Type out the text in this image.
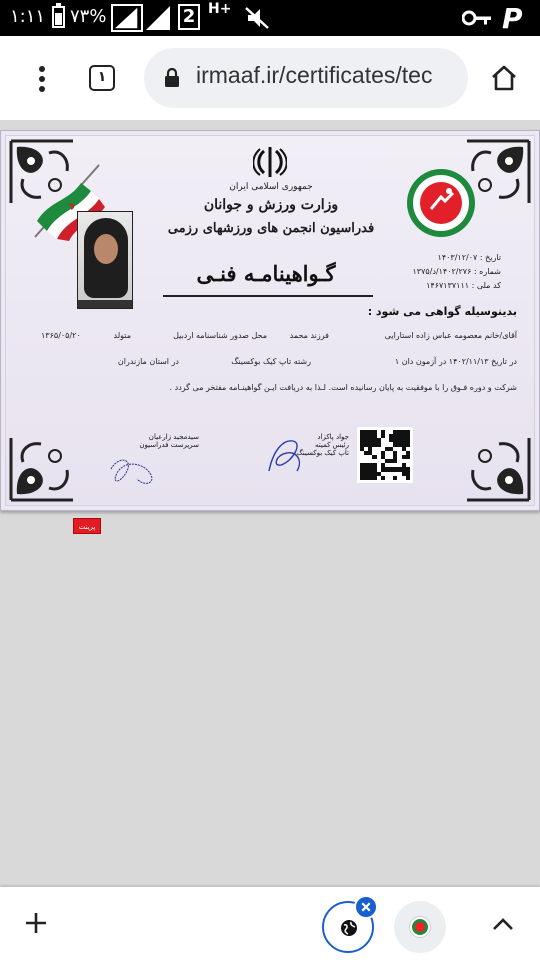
۱:۱۱ ۷۳%	2 H+	P
۱	irmaaf.ir/certificates/tec
جمهوری اسلامی ایران
وزارت ورزش و جوانان
فدراسیون انجمن های ورزشهای رزمی
گـواهینامـه فنـی
تاریخ : ۱۴۰۳/۱۲/۰۷
شماره : ۱۴۰۲/۲۷۶/د/۱۳۷۵
کد ملی : ۱۴۶۷۱۳۷۱۱۱
بدینوسیله گواهی می شود :
آقای/خانم معصومه عباس زاده استارایی
فرزند محمد
محل صدور شناسنامه اردبیل
متولد
۱۳۶۵/۰۵/۲۰
در تاریخ ۱۴۰۲/۱۱/۱۳ در آزمون دان ۱
رشته تاپ کیک بوکسینگ
در استان مازندران
شرکت و دوره فـوق را با موفقیت به پایان رسانیده است. لـذا به دریافت ایـن گواهینـامه مفتخر می گردد .
سیدمجید زارعیان
سرپرست فدراسیون
جواد پاکزاد
رئیس کمیته
تاپ کیک بوکسینگ
پرینت
